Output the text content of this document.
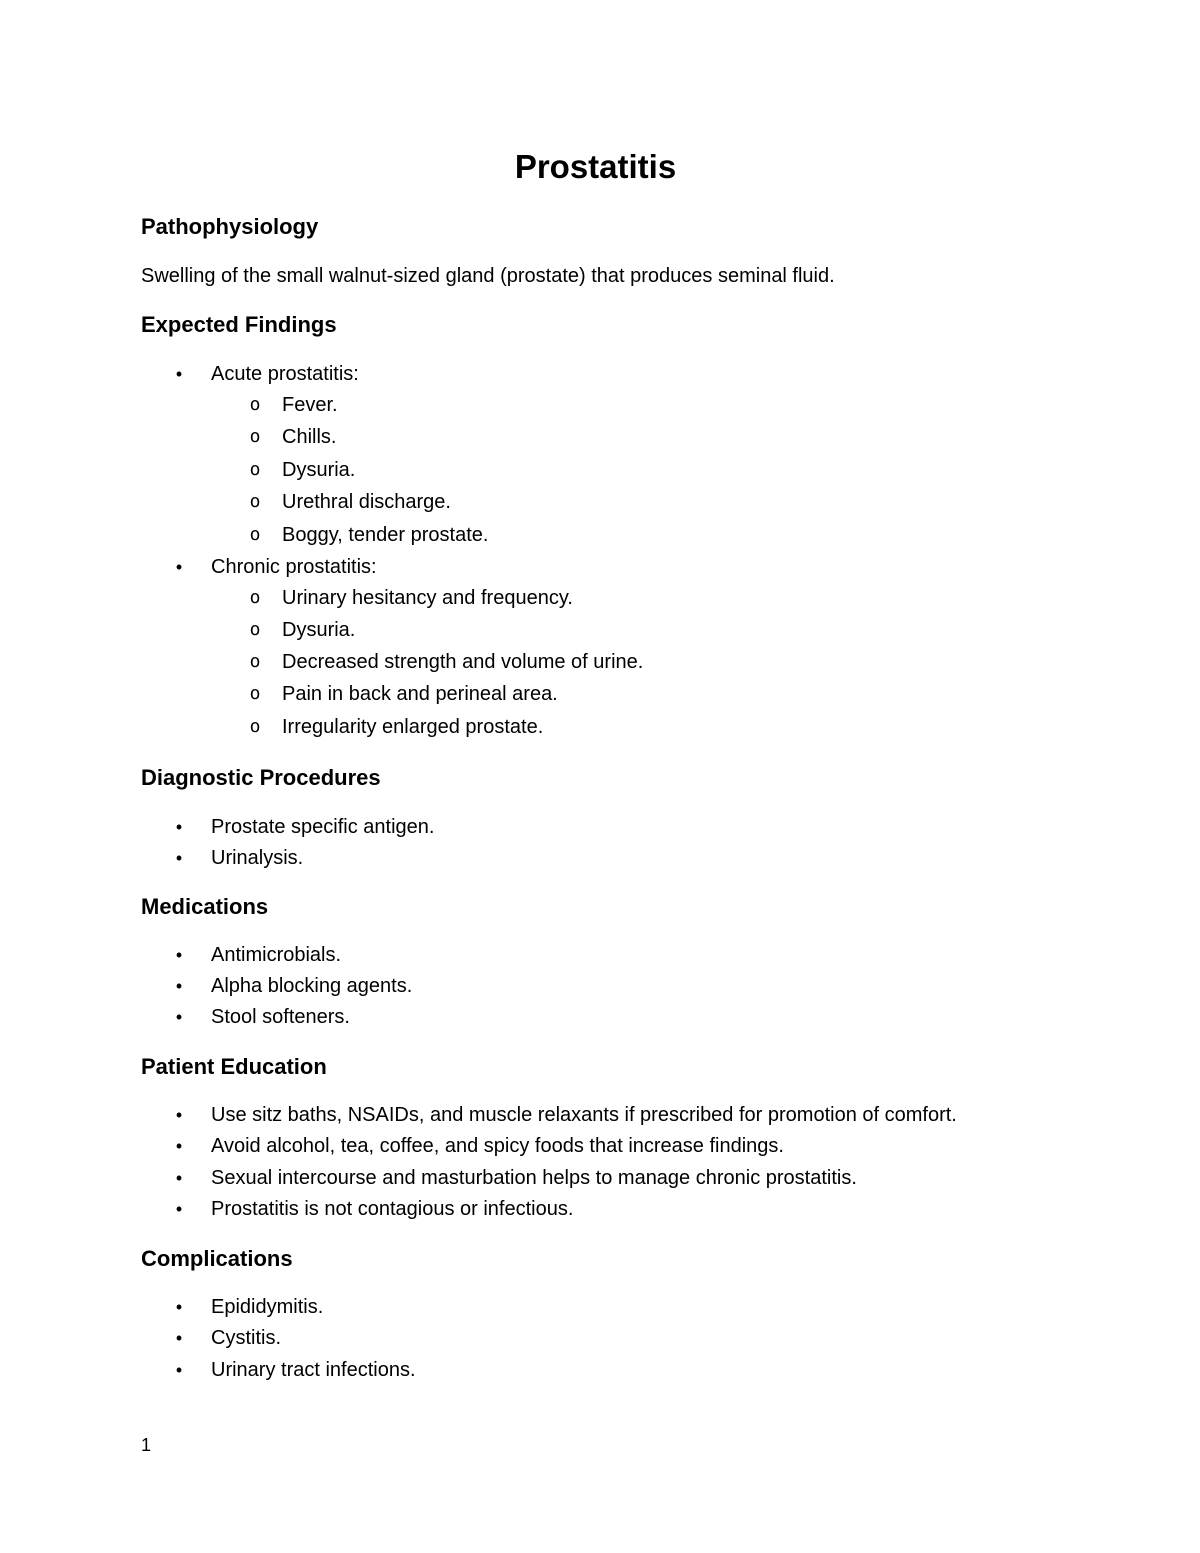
Prostatitis
Pathophysiology

Swelling of the small walnut-sized gland (prostate) that produces seminal fluid.

Expected Findings
• Acute prostatitis:
o Fever.
o Chills.
o Dysuria.
o Urethral discharge.
o Boggy, tender prostate.
• Chronic prostatitis:
o Urinary hesitancy and frequency.
o Dysuria.
o Decreased strength and volume of urine.
o Pain in back and perineal area.
o Irregularity enlarged prostate.
Diagnostic Procedures
• Prostate specific antigen.
• Urinalysis.
Medications
• Antimicrobials.
• Alpha blocking agents.
• Stool softeners.
Patient Education
• Use sitz baths, NSAIDs, and muscle relaxants if prescribed for promotion of comfort.
• Avoid alcohol, tea, coffee, and spicy foods that increase findings.
• Sexual intercourse and masturbation helps to manage chronic prostatitis.
• Prostatitis is not contagious or infectious.
Complications
• Epididymitis.
• Cystitis.
• Urinary tract infections.
1
